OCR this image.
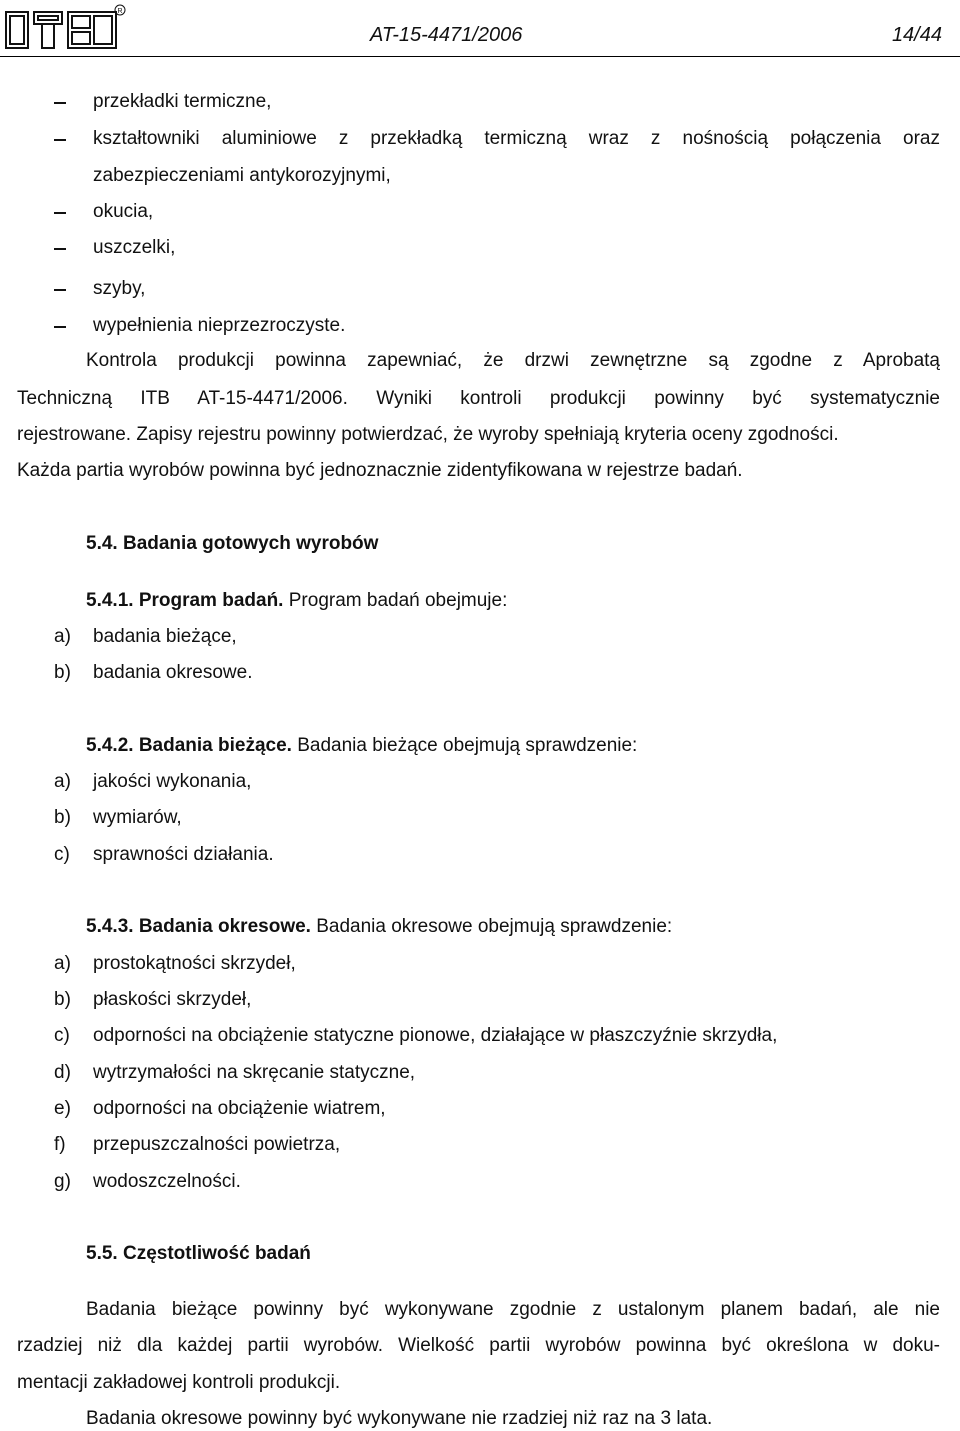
R
AT-15-4471/2006	14/44
przekładki termiczne,
kształtowniki aluminiowe z przekładką termiczną wraz z nośnością połączenia oraz
zabezpieczeniami antykorozyjnymi,
okucia,
uszczelki,
szyby,
wypełnienia nieprzezroczyste.
Kontrola produkcji powinna zapewniać, że drzwi zewnętrzne są zgodne z Aprobatą
Techniczną ITB AT-15-4471/2006. Wyniki kontroli produkcji powinny być systematycznie
rejestrowane. Zapisy rejestru powinny potwierdzać, że wyroby spełniają kryteria oceny zgodności.
Każda partia wyrobów powinna być jednoznacznie zidentyfikowana w rejestrze badań.
5.4. Badania gotowych wyrobów
5.4.1. Program badań. Program badań obejmuje:
a) badania bieżące,
b) badania okresowe.
5.4.2. Badania bieżące. Badania bieżące obejmują sprawdzenie:
a) jakości wykonania,
b) wymiarów,
c) sprawności działania.
5.4.3. Badania okresowe. Badania okresowe obejmują sprawdzenie:
a) prostokątności skrzydeł,
b) płaskości skrzydeł,
c) odporności na obciążenie statyczne pionowe, działające w płaszczyźnie skrzydła,
d) wytrzymałości na skręcanie statyczne,
e) odporności na obciążenie wiatrem,
f) przepuszczalności powietrza,
g) wodoszczelności.
5.5. Częstotliwość badań
Badania bieżące powinny być wykonywane zgodnie z ustalonym planem badań, ale nie
rzadziej niż dla każdej partii wyrobów. Wielkość partii wyrobów powinna być określona w doku-
mentacji zakładowej kontroli produkcji.
Badania okresowe powinny być wykonywane nie rzadziej niż raz na 3 lata.
